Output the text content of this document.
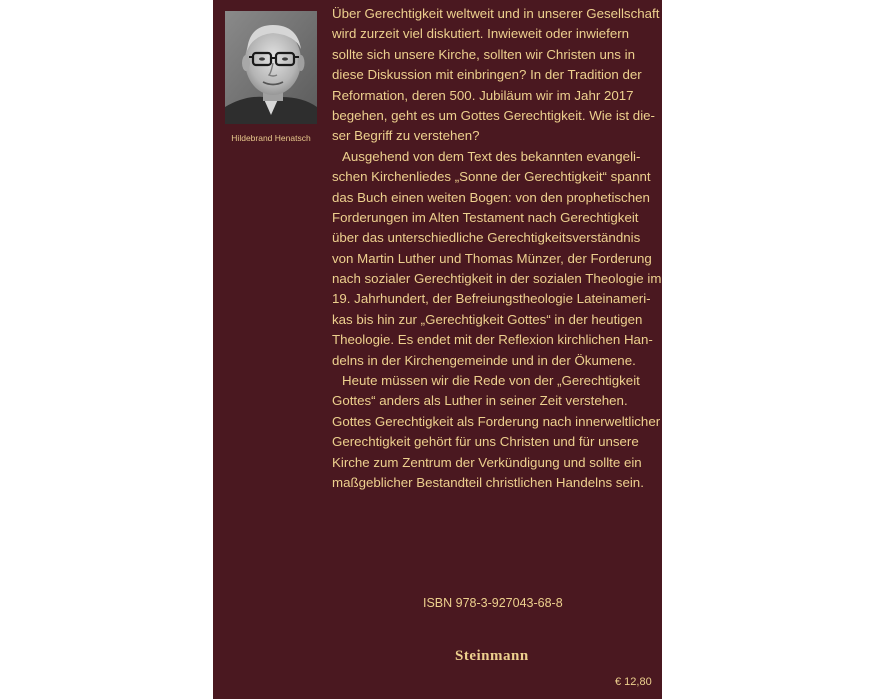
Hildebrand Henatsch
Über Gerechtigkeit weltweit und in unserer Gesellschaft
wird zurzeit viel diskutiert. Inwieweit oder inwiefern
sollte sich unsere Kirche, sollten wir Christen uns in
diese Diskussion mit einbringen? In der Tradition der
Reformation, deren 500. Jubiläum wir im Jahr 2017
begehen, geht es um Gottes Gerechtigkeit. Wie ist die-
ser Begriff zu verstehen?
Ausgehend von dem Text des bekannten evangeli-
schen Kirchenliedes „Sonne der Gerechtigkeit“ spannt
das Buch einen weiten Bogen: von den prophetischen
Forderungen im Alten Testament nach Gerechtigkeit
über das unterschiedliche Gerechtigkeitsverständnis
von Martin Luther und Thomas Münzer, der Forderung
nach sozialer Gerechtigkeit in der sozialen Theologie im
19. Jahrhundert, der Befreiungstheologie Lateinameri-
kas bis hin zur „Gerechtigkeit Gottes“ in der heutigen
Theologie. Es endet mit der Reflexion kirchlichen Han-
delns in der Kirchengemeinde und in der Ökumene.
Heute müssen wir die Rede von der „Gerechtigkeit
Gottes“ anders als Luther in seiner Zeit verstehen.
Gottes Gerechtigkeit als Forderung nach innerweltlicher
Gerechtigkeit gehört für uns Christen und für unsere
Kirche zum Zentrum der Verkündigung und sollte ein
maßgeblicher Bestandteil christlichen Handelns sein.
ISBN 978-3-927043-68-8
Steinmann
€ 12,80
